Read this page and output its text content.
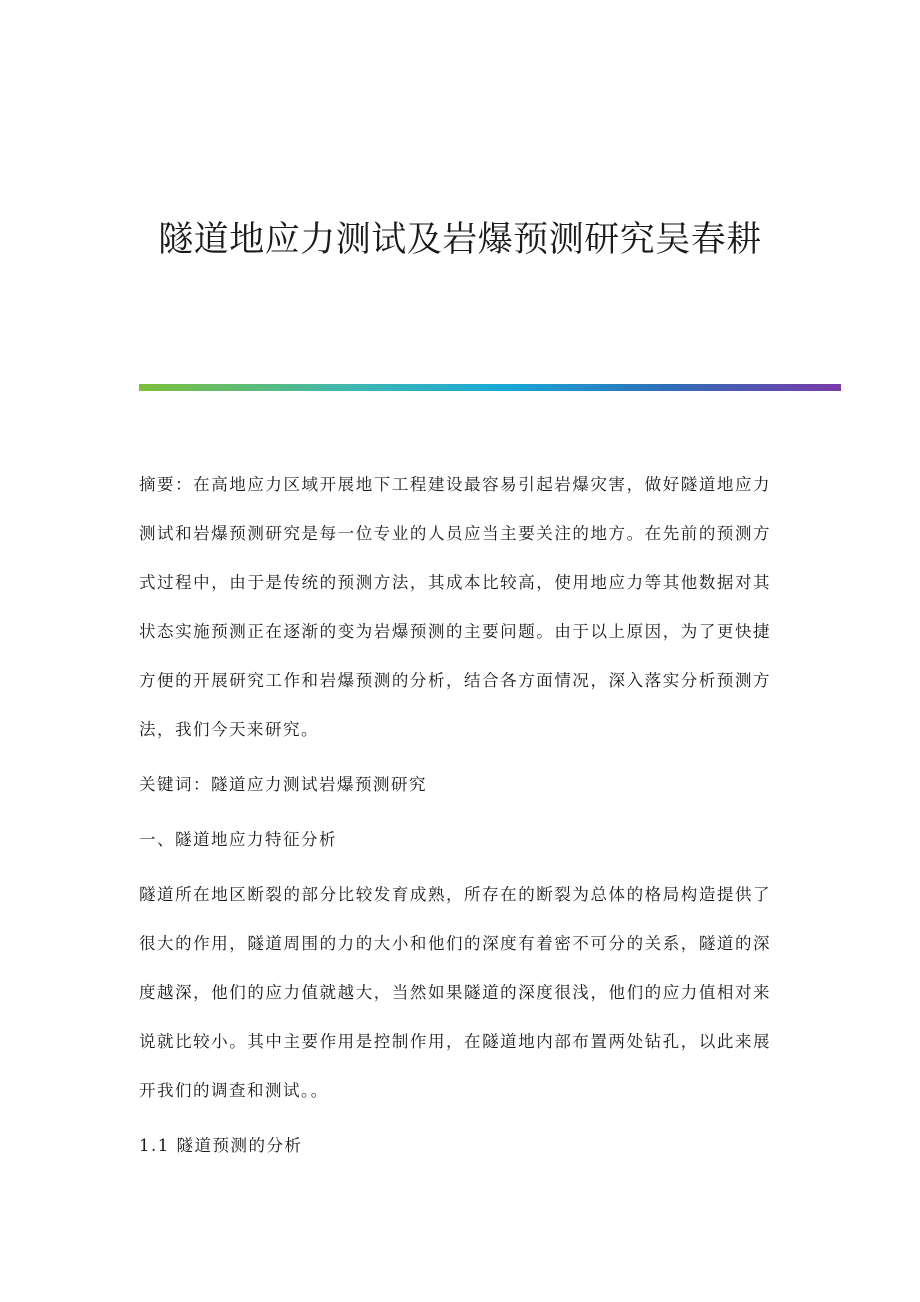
隧道地应力测试及岩爆预测研究吴春耕

摘要：在高地应力区域开展地下工程建设最容易引起岩爆灾害，做好隧道地应力测试和岩爆预测研究是每一位专业的人员应当主要关注的地方。在先前的预测方式过程中，由于是传统的预测方法，其成本比较高，使用地应力等其他数据对其状态实施预测正在逐渐的变为岩爆预测的主要问题。由于以上原因，为了更快捷方便的开展研究工作和岩爆预测的分析，结合各方面情况，深入落实分析预测方法，我们今天来研究。

关键词：隧道应力测试岩爆预测研究

一、隧道地应力特征分析

隧道所在地区断裂的部分比较发育成熟，所存在的断裂为总体的格局构造提供了很大的作用，隧道周围的力的大小和他们的深度有着密不可分的关系，隧道的深度越深，他们的应力值就越大，当然如果隧道的深度很浅，他们的应力值相对来说就比较小。其中主要作用是控制作用，在隧道地内部布置两处钻孔，以此来展开我们的调查和测试。。

1.1 隧道预测的分析
